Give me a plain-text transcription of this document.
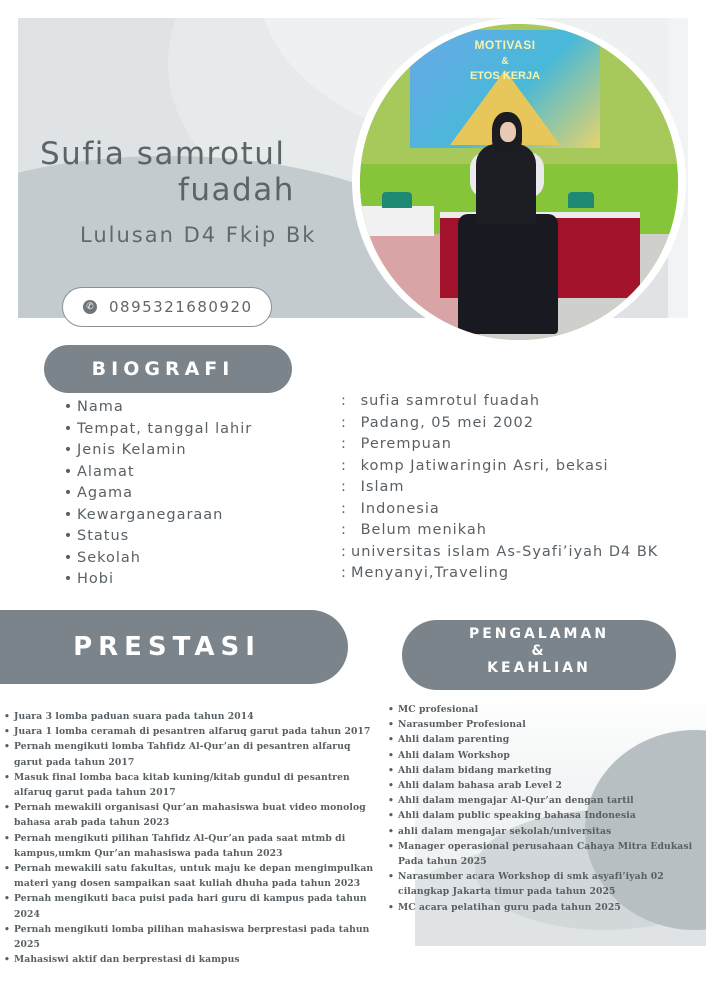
Sufia samrotul
fuadah
Lulusan D4 Fkip Bk
MOTIVASI
&
ETOS KERJA
✆ 0895321680920
BIOGRAFI
• Nama
• Tempat, tanggal lahir
• Jenis Kelamin
• Alamat
• Agama
• Kewarganegaraan
• Status
• Sekolah
• Hobi
: sufia samrotul fuadah
: Padang, 05 mei 2002
: Perempuan
: komp Jatiwaringin Asri, bekasi
: Islam
: Indonesia
: Belum menikah
: universitas islam As-Syafi’iyah D4 BK
: Menyanyi,Traveling
PRESTASI
• Juara 3 lomba paduan suara pada tahun 2014
• Juara 1 lomba ceramah di pesantren alfaruq garut pada tahun 2017
• Pernah mengikuti lomba Tahfidz Al-Qur’an di pesantren alfaruq garut pada tahun 2017
• Masuk final lomba baca kitab kuning/kitab gundul di pesantren alfaruq garut pada tahun 2017
• Pernah mewakili organisasi Qur’an mahasiswa buat video monolog bahasa arab pada tahun 2023
• Pernah mengikuti pilihan Tahfidz Al-Qur’an pada saat mtmb di kampus,umkm Qur’an mahasiswa pada tahun 2023
• Pernah mewakili satu fakultas, untuk maju ke depan mengimpulkan materi yang dosen sampaikan saat kuliah dhuha pada tahun 2023
• Pernah mengikuti baca puisi pada hari guru di kampus pada tahun 2024
• Pernah mengikuti lomba pilihan mahasiswa berprestasi pada tahun 2025
• Mahasiswi aktif dan berprestasi di kampus
PENGALAMAN
&
KEAHLIAN
• MC profesional
• Narasumber Profesional
• Ahli dalam parenting
• Ahli dalam Workshop
• Ahli dalam bidang marketing
• Ahli dalam bahasa arab Level 2
• Ahli dalam mengajar Al-Qur’an dengan tartil
• Ahli dalam public speaking bahasa Indonesia
• ahli dalam mengajar sekolah/universitas
• Manager operasional perusahaan Cahaya Mitra Edukasi Pada tahun 2025
• Narasumber acara Workshop di smk asyafi’iyah 02 cilangkap Jakarta timur pada tahun 2025
• MC acara pelatihan guru pada tahun 2025
